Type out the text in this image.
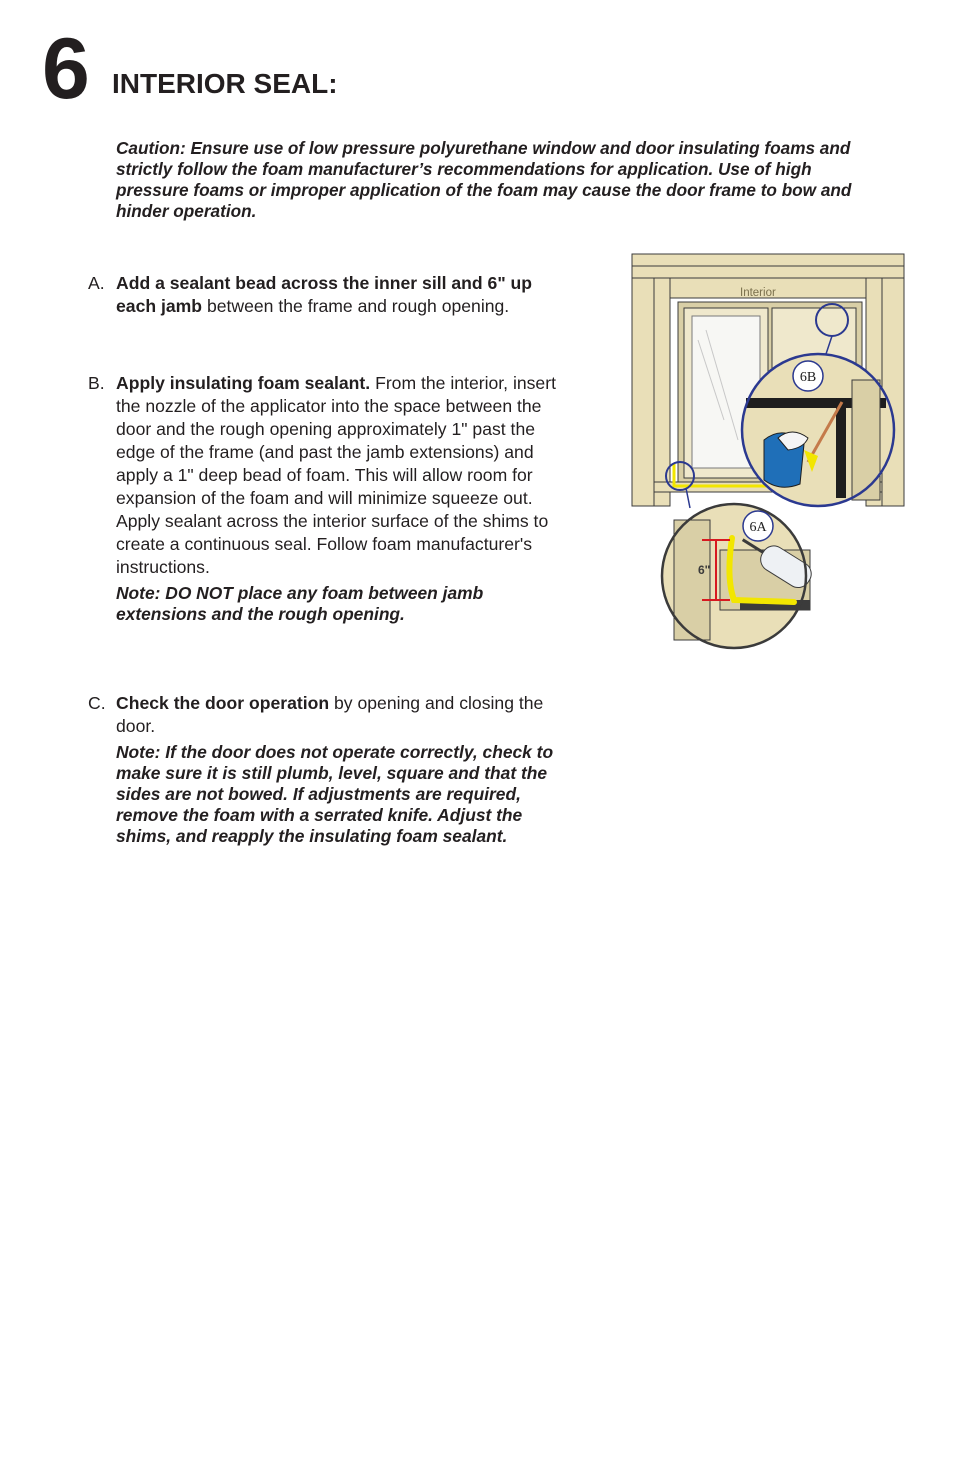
6 INTERIOR SEAL:
Caution: Ensure use of low pressure polyurethane window and door insulating foams and strictly follow the foam manufacturer’s recommendations for application. Use of high pressure foams or improper application of the foam may cause the door frame to bow and hinder operation.
A. Add a sealant bead across the inner sill and 6" up each jamb between the frame and rough opening.
B. Apply insulating foam sealant. From the interior, insert the nozzle of the applicator into the space between the door and the rough opening approximately 1" past the edge of the frame (and past the jamb extensions) and apply a 1" deep bead of foam. This will allow room for expansion of the foam and will minimize squeeze out. Apply sealant across the interior surface of the shims to create a continuous seal. Follow foam manufacturer's instructions.
Note: DO NOT place any foam between jamb extensions and the rough opening.
C. Check the door operation by opening and closing the door.
Note: If the door does not operate correctly, check to make sure it is still plumb, level, square and that the sides are not bowed. If adjustments are required, remove the foam with a serrated knife. Adjust the shims, and reapply the insulating foam sealant.
Interior
6B
6"
6A
